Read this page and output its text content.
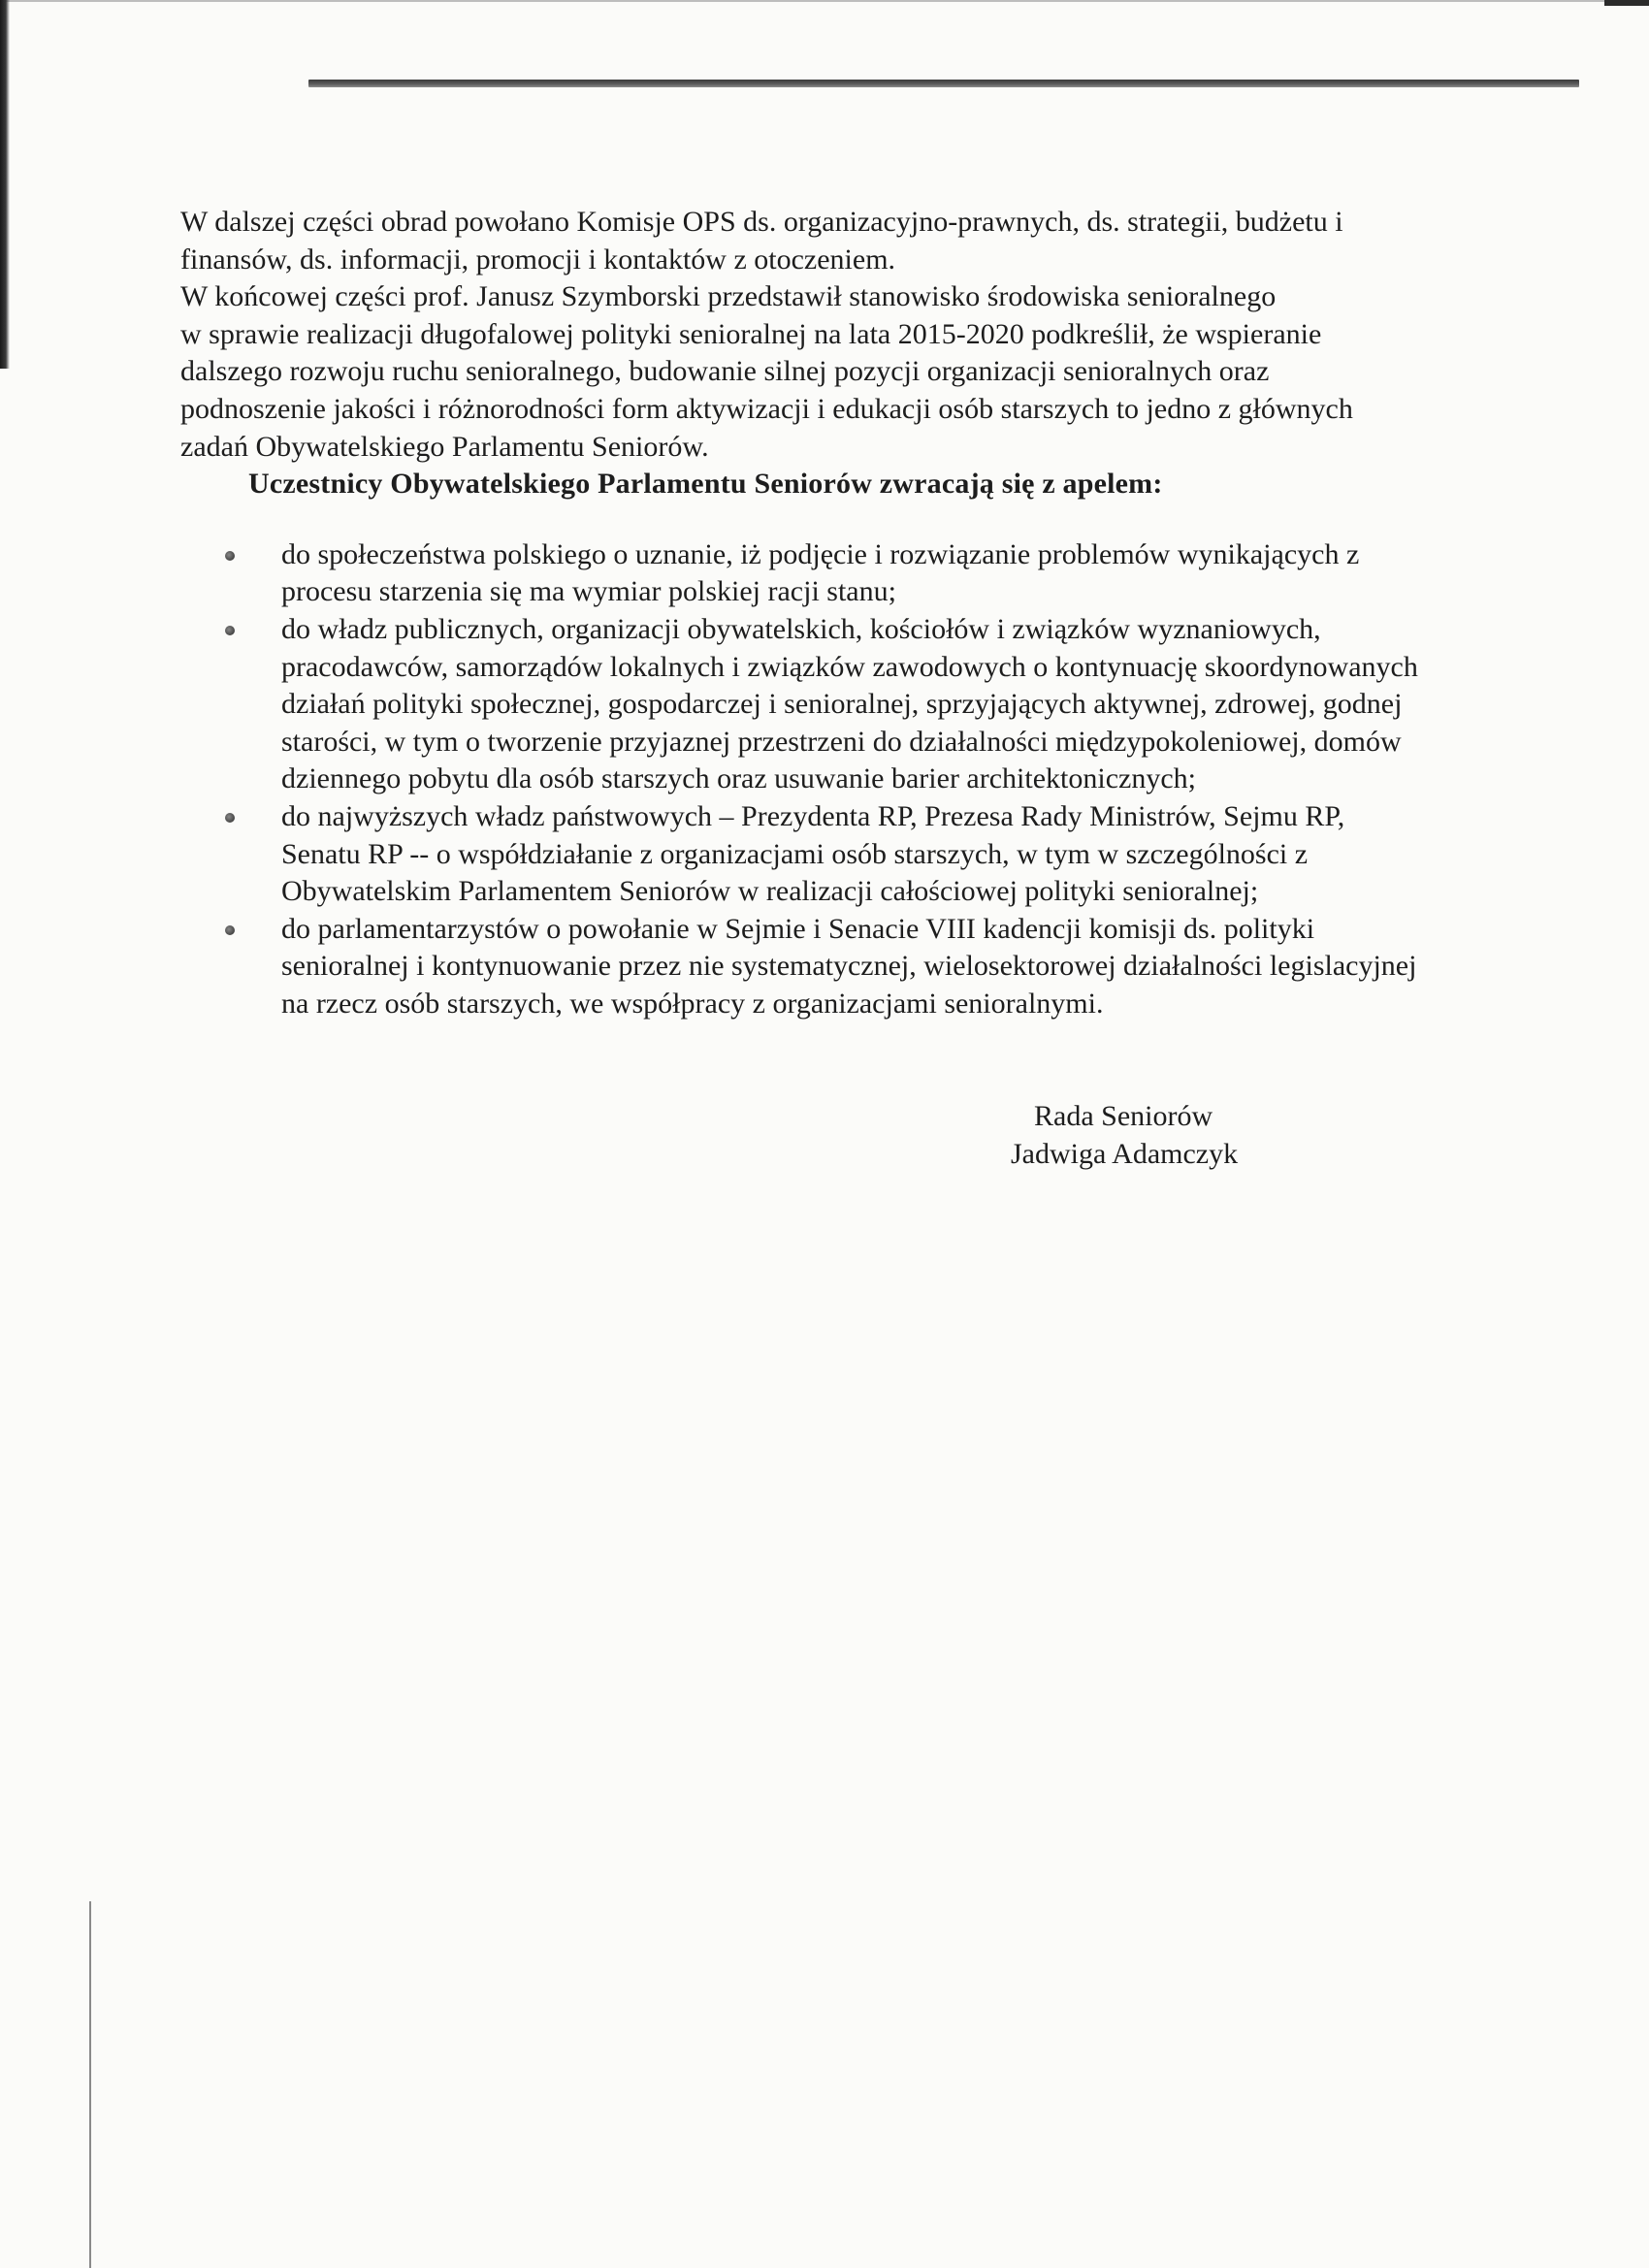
W dalszej części obrad powołano Komisje OPS ds. organizacyjno-prawnych, ds. strategii, budżetu i
finansów, ds. informacji, promocji i kontaktów z otoczeniem.
W końcowej części prof. Janusz Szymborski przedstawił stanowisko środowiska senioralnego
w sprawie realizacji długofalowej polityki senioralnej na lata 2015-2020 podkreślił, że wspieranie
dalszego rozwoju ruchu senioralnego, budowanie silnej pozycji organizacji senioralnych oraz
podnoszenie jakości i różnorodności form aktywizacji i edukacji osób starszych to jedno z głównych
zadań Obywatelskiego Parlamentu Seniorów.

Uczestnicy Obywatelskiego Parlamentu Seniorów zwracają się z apelem:

do społeczeństwa polskiego o uznanie, iż podjęcie i rozwiązanie problemów wynikających z
procesu starzenia się ma wymiar polskiej racji stanu;
do władz publicznych, organizacji obywatelskich, kościołów i związków wyznaniowych,
pracodawców, samorządów lokalnych i związków zawodowych o kontynuację skoordynowanych
działań polityki społecznej, gospodarczej i senioralnej, sprzyjających aktywnej, zdrowej, godnej
starości, w tym o tworzenie przyjaznej przestrzeni do działalności międzypokoleniowej, domów
dziennego pobytu dla osób starszych oraz usuwanie barier architektonicznych;
do najwyższych władz państwowych – Prezydenta RP, Prezesa Rady Ministrów, Sejmu RP,
Senatu RP -- o współdziałanie z organizacjami osób starszych, w tym w szczególności z
Obywatelskim Parlamentem Seniorów w realizacji całościowej polityki senioralnej;
do parlamentarzystów o powołanie w Sejmie i Senacie VIII kadencji komisji ds. polityki
senioralnej i kontynuowanie przez nie systematycznej, wielosektorowej działalności legislacyjnej
na rzecz osób starszych, we współpracy z organizacjami senioralnymi.
Rada Seniorów
Jadwiga Adamczyk
